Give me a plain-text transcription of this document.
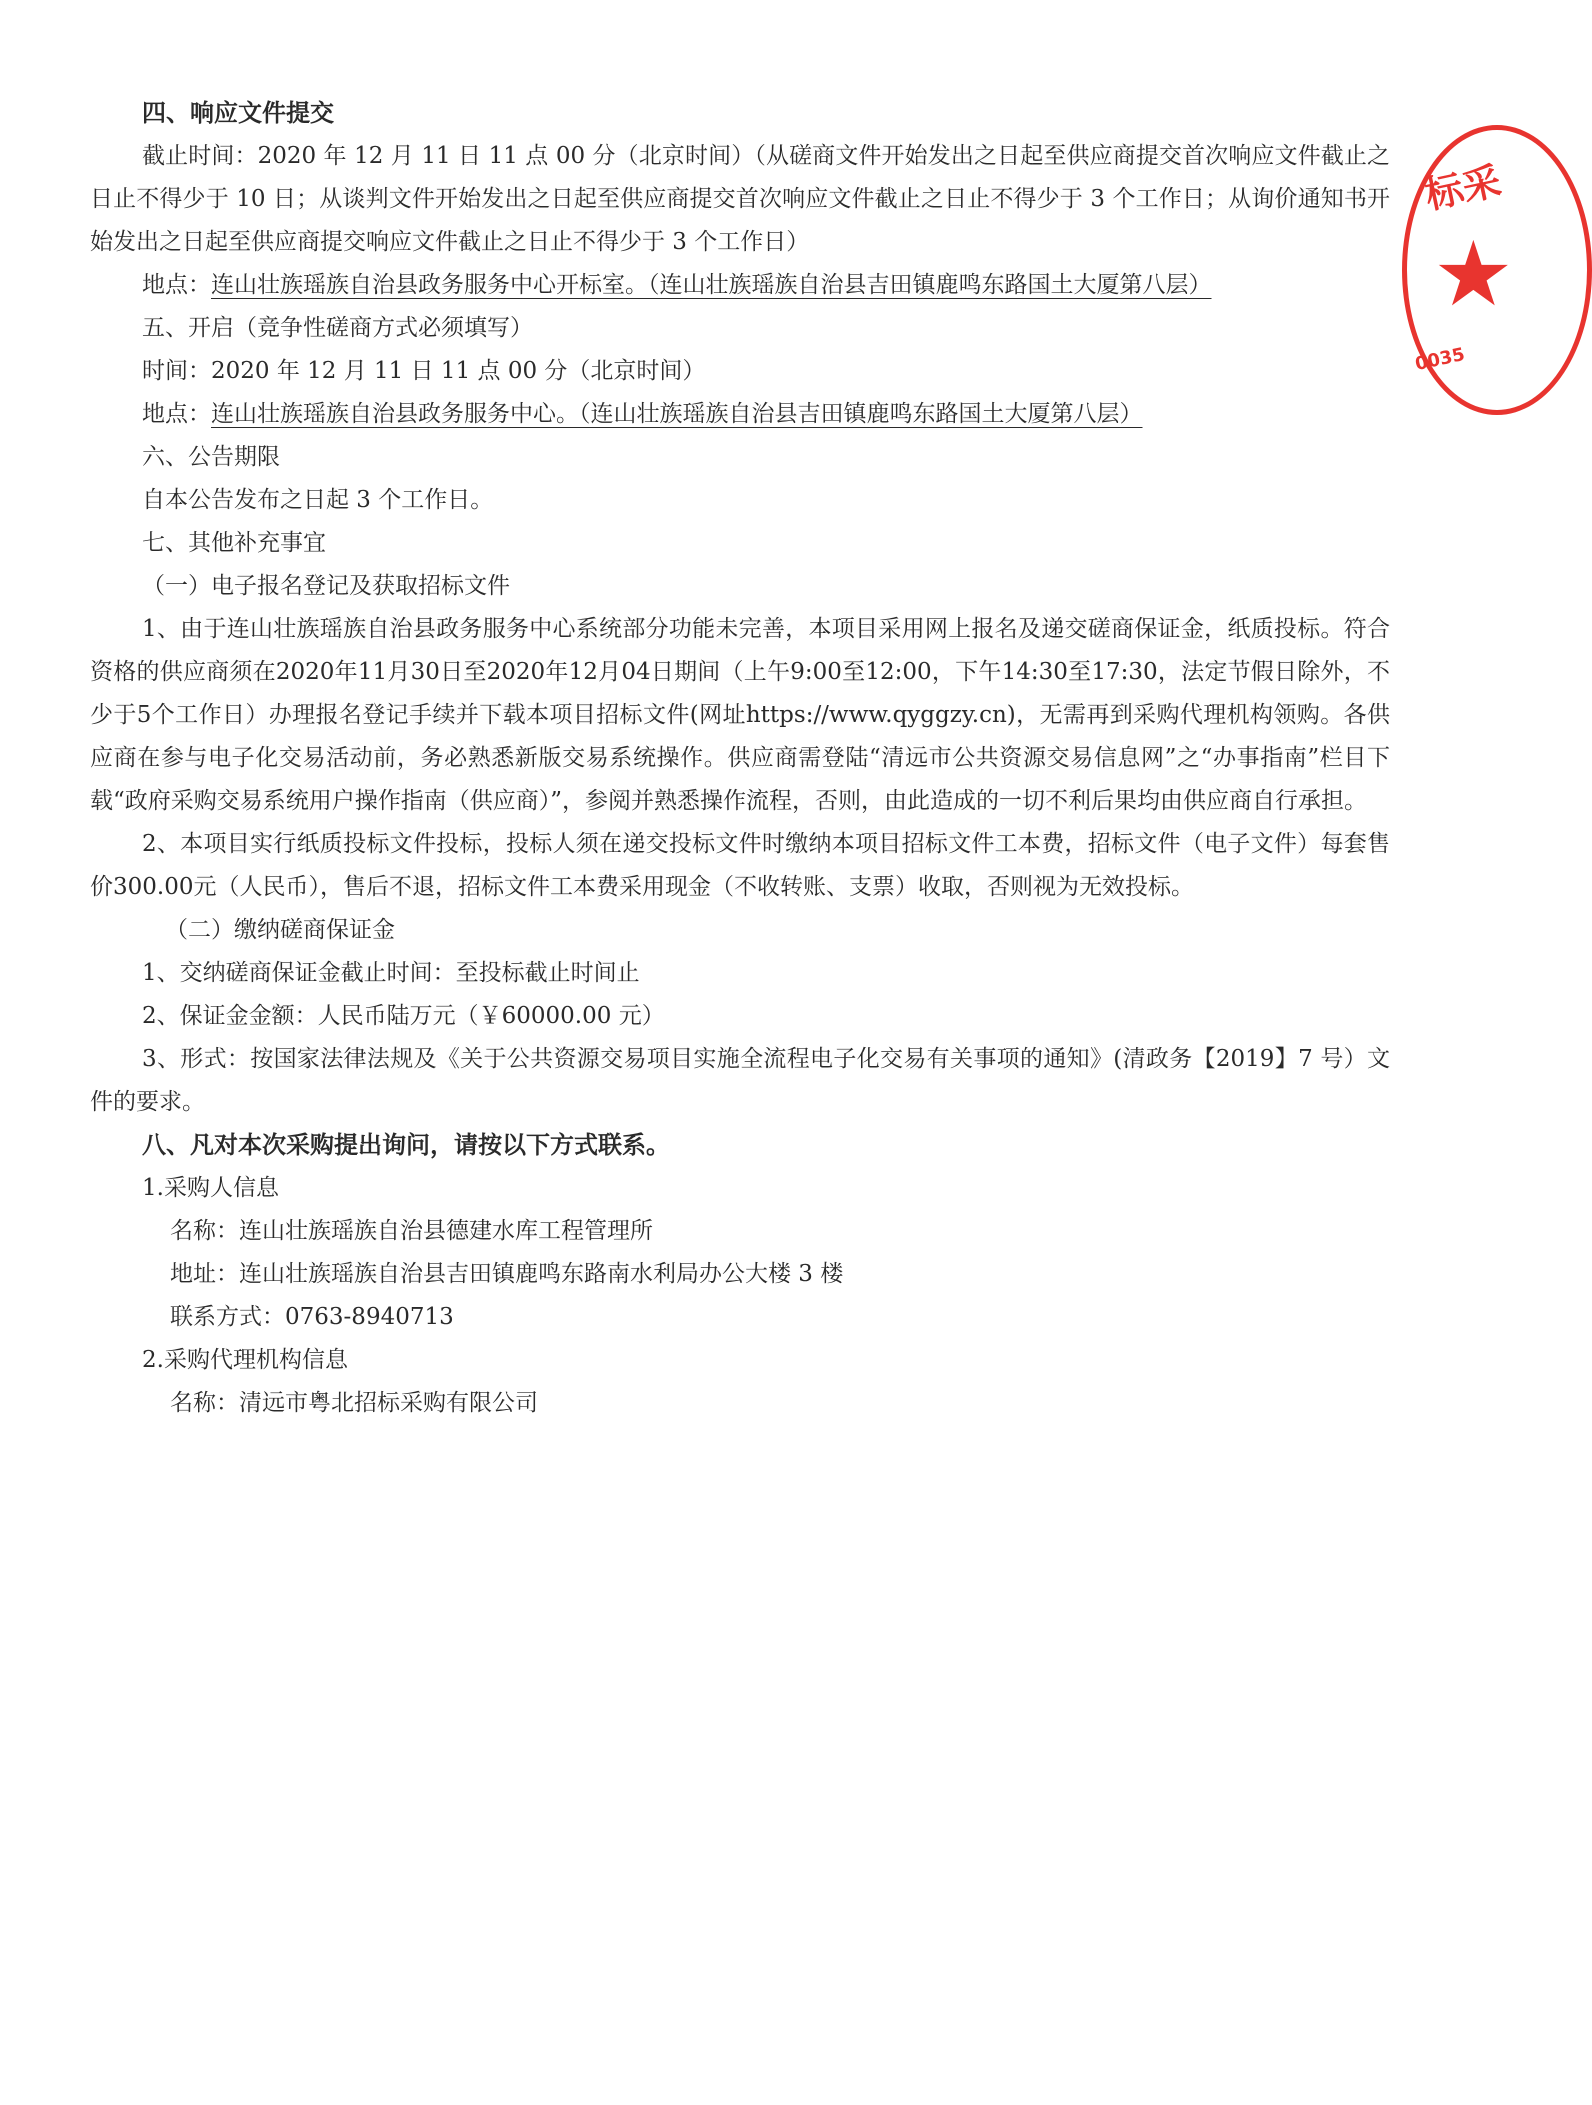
四、响应文件提交

截止时间：2020 年 12 月 11 日 11 点 00 分（北京时间）（从磋商文件开始发出之日起至供应商提交首次响应文件截止之日止不得少于 10 日；从谈判文件开始发出之日起至供应商提交首次响应文件截止之日止不得少于 3 个工作日；从询价通知书开始发出之日起至供应商提交响应文件截止之日止不得少于 3 个工作日）

地点：连山壮族瑶族自治县政务服务中心开标室。（连山壮族瑶族自治县吉田镇鹿鸣东路国土大厦第八层）

五、开启（竞争性磋商方式必须填写）

时间：2020 年 12 月 11 日 11 点 00 分（北京时间）

地点：连山壮族瑶族自治县政务服务中心。（连山壮族瑶族自治县吉田镇鹿鸣东路国土大厦第八层）

六、公告期限

自本公告发布之日起 3 个工作日。

七、其他补充事宜

（一）电子报名登记及获取招标文件

1、由于连山壮族瑶族自治县政务服务中心系统部分功能未完善，本项目采用网上报名及递交磋商保证金，纸质投标。符合资格的供应商须在2020年11月30日至2020年12月04日期间（上午9:00至12:00，下午14:30至17:30，法定节假日除外，不少于5个工作日）办理报名登记手续并下载本项目招标文件(网址https://www.qyggzy.cn)，无需再到采购代理机构领购。各供应商在参与电子化交易活动前，务必熟悉新版交易系统操作。供应商需登陆“清远市公共资源交易信息网”之“办事指南”栏目下载“政府采购交易系统用户操作指南（供应商）”，参阅并熟悉操作流程，否则，由此造成的一切不利后果均由供应商自行承担。

2、本项目实行纸质投标文件投标，投标人须在递交投标文件时缴纳本项目招标文件工本费，招标文件（电子文件）每套售价300.00元（人民币），售后不退，招标文件工本费采用现金（不收转账、支票）收取，否则视为无效投标。

（二）缴纳磋商保证金

1、交纳磋商保证金截止时间：至投标截止时间止

2、保证金金额：人民币陆万元（￥60000.00 元）

3、形式：按国家法律法规及《关于公共资源交易项目实施全流程电子化交易有关事项的通知》(清政务【2019】7 号）文件的要求。

八、凡对本次采购提出询问，请按以下方式联系。

1.采购人信息

名称：连山壮族瑶族自治县德建水库工程管理所

地址：连山壮族瑶族自治县吉田镇鹿鸣东路南水利局办公大楼 3 楼

联系方式：0763-8940713

2.采购代理机构信息

名称：清远市粤北招标采购有限公司

标采
★
0035
